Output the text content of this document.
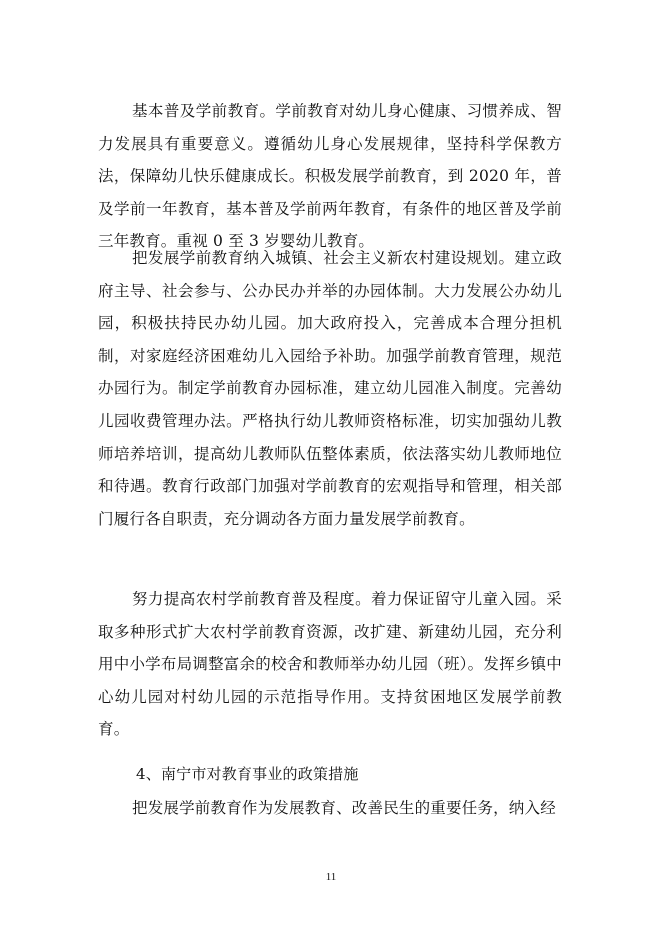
基本普及学前教育。学前教育对幼儿身心健康、习惯养成、智力发展具有重要意义。遵循幼儿身心发展规律，坚持科学保教方法，保障幼儿快乐健康成长。积极发展学前教育，到 2020 年，普及学前一年教育，基本普及学前两年教育，有条件的地区普及学前三年教育。重视 0 至 3 岁婴幼儿教育。

把发展学前教育纳入城镇、社会主义新农村建设规划。建立政府主导、社会参与、公办民办并举的办园体制。大力发展公办幼儿园，积极扶持民办幼儿园。加大政府投入，完善成本合理分担机制，对家庭经济困难幼儿入园给予补助。加强学前教育管理，规范办园行为。制定学前教育办园标准，建立幼儿园准入制度。完善幼儿园收费管理办法。严格执行幼儿教师资格标准，切实加强幼儿教师培养培训，提高幼儿教师队伍整体素质，依法落实幼儿教师地位和待遇。教育行政部门加强对学前教育的宏观指导和管理，相关部门履行各自职责，充分调动各方面力量发展学前教育。

努力提高农村学前教育普及程度。着力保证留守儿童入园。采取多种形式扩大农村学前教育资源，改扩建、新建幼儿园，充分利用中小学布局调整富余的校舍和教师举办幼儿园（班）。发挥乡镇中心幼儿园对村幼儿园的示范指导作用。支持贫困地区发展学前教育。

4、南宁市对教育事业的政策措施

把发展学前教育作为发展教育、改善民生的重要任务，纳入经

11
